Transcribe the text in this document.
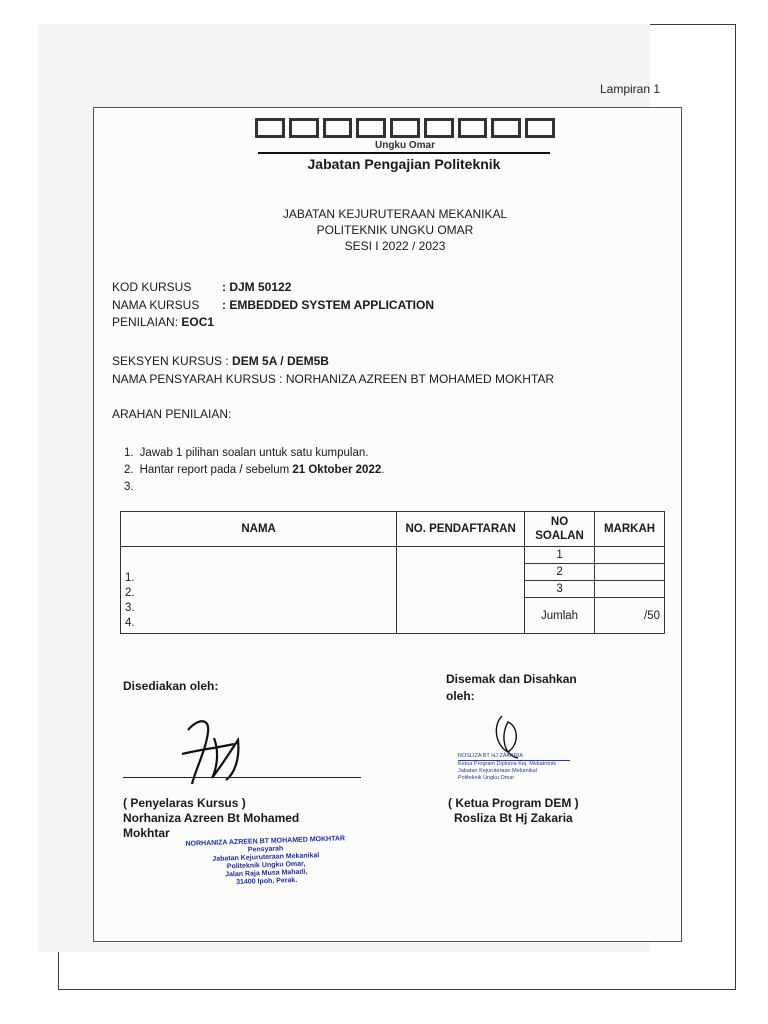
Lampiran 1
Ungku Omar
Jabatan Pengajian Politeknik
JABATAN KEJURUTERAAN MEKANIKAL
POLITEKNIK UNGKU OMAR
SESI I 2022 / 2023
KOD KURSUS	: DJM 50122
NAMA KURSUS : EMBEDDED SYSTEM APPLICATION
PENILAIAN: EOC1
SEKSYEN KURSUS : DEM 5A / DEM5B
NAMA PENSYARAH KURSUS : NORHANIZA AZREEN BT MOHAMED MOKHTAR
ARAHAN PENILAIAN:
1. Jawab 1 pilihan soalan untuk satu kumpulan.
2. Hantar report pada / sebelum 21 Oktober 2022.
3.
NAMA	NO. PENDAFTARAN	NO SOALAN	MARKAH

1.
2.
3.
4.		1	
		2	
		3	
		Jumlah	/50
Disediakan oleh:	Disemak dan Disahkan
oleh:
( Penyelaras Kursus )
Norhaniza Azreen Bt Mohamed
Mokhtar
NORHANIZA AZREEN BT MOHAMED MOKHTAR
Pensyarah
Jabatan Kejuruteraan Mekanikal
Politeknik Ungku Omar,
Jalan Raja Musa Mahadi,
31400 Ipoh, Perak.
ROSLIZA BT HJ ZAKARIA
Ketua Program Diploma Kej. Mekatronik
Jabatan Kejuruteraan Mekanikal
Politeknik Ungku Omar
( Ketua Program DEM )
Rosliza Bt Hj Zakaria
